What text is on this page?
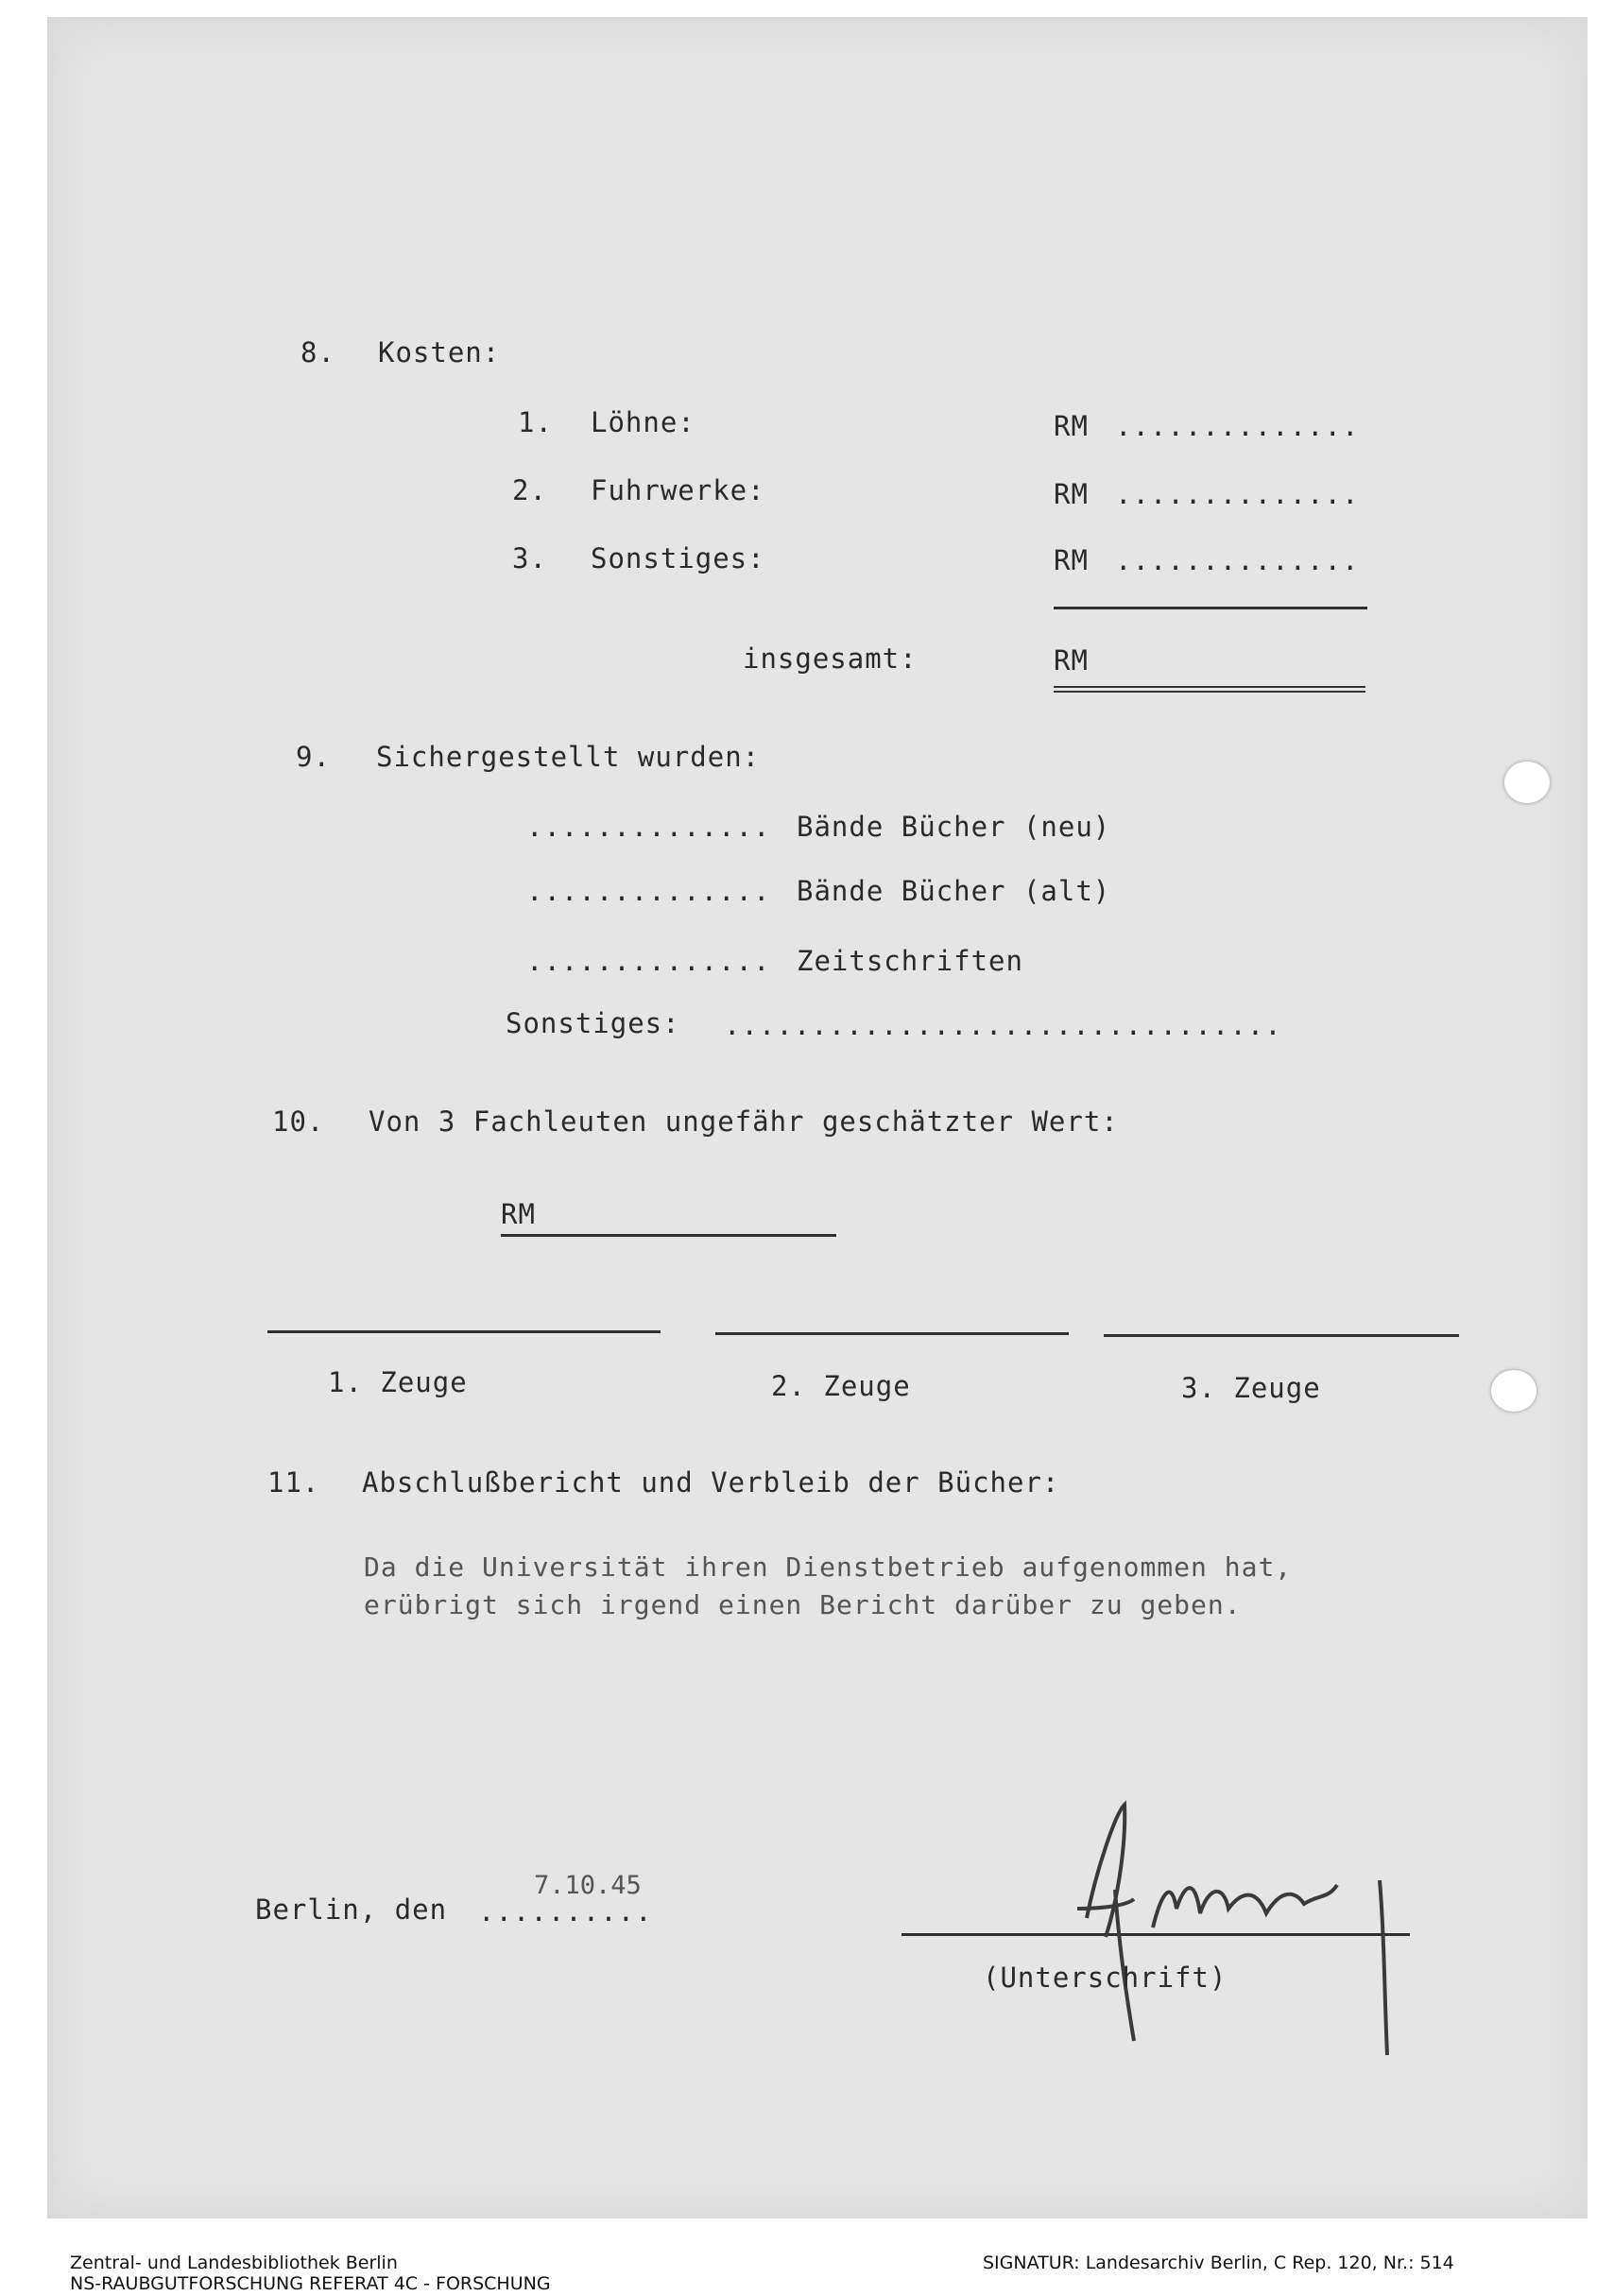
8. Kosten:
1. Löhne:	RM ..............
2. Fuhrwerke:	RM ..............
3. Sonstiges:	RM ..............
insgesamt:	RM
9. Sichergestellt wurden:
.............. Bände Bücher (neu)
.............. Bände Bücher (alt)
.............. Zeitschriften
Sonstiges: ................................
10. Von 3 Fachleuten ungefähr geschätzter Wert:
RM
1. Zeuge	2. Zeuge	3. Zeuge
11. Abschlußbericht und Verbleib der Bücher:
Da die Universität ihren Dienstbetrieb aufgenommen hat,
erübrigt sich irgend einen Bericht darüber zu geben.
Berlin, den ..........
7.10.45
(Unterschrift)
Zentral- und Landesbibliothek Berlin
NS-RAUBGUTFORSCHUNG REFERAT 4C - FORSCHUNG
SIGNATUR: Landesarchiv Berlin, C Rep. 120, Nr.: 514
